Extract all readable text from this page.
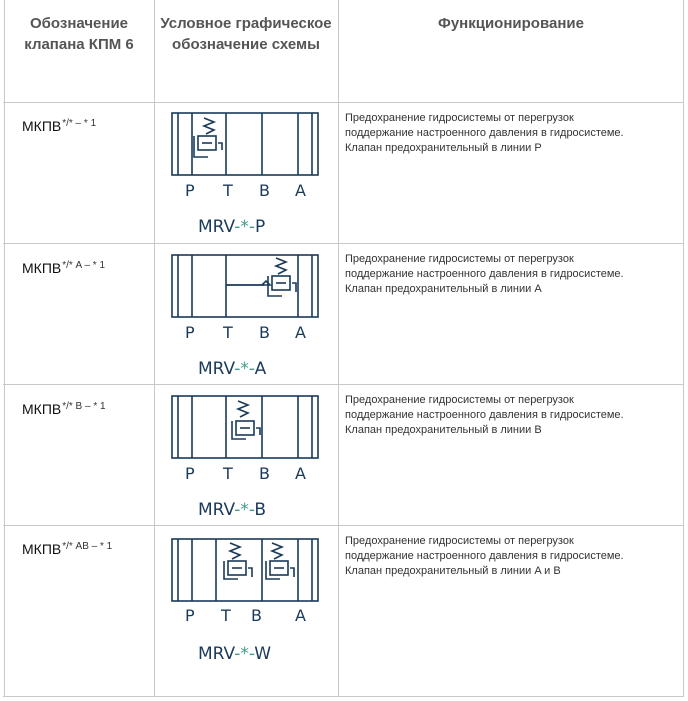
Обозначение клапана КПМ 6
Условное графическое обозначение схемы
Функционирование
$МКПВ^{*/* - * 1}$	Предохранение гидросистемы от перегрузок
поддержание настроенного давления в гидросистеме.
Клапан предохранительный в линии P
P T B A
MRV-*-P
$МКПВ^{*/* A - * 1}$
Предохранение гидросистемы от перегрузок
поддержание настроенного давления в гидросистеме.
Клапан предохранительный в линии A
P T B A
MRV-*-A
$МКПВ^{*/* B - * 1}$
Предохранение гидросистемы от перегрузок
поддержание настроенного давления в гидросистеме.
Клапан предохранительный в линии B
P T B A
MRV-*-B
$МКПВ^{*/* AB - * 1}$	Предохранение гидросистемы от перегрузок
поддержание настроенного давления в гидросистеме.
Клапан предохранительный в линии A и B
P T B A
MRV-*-W
